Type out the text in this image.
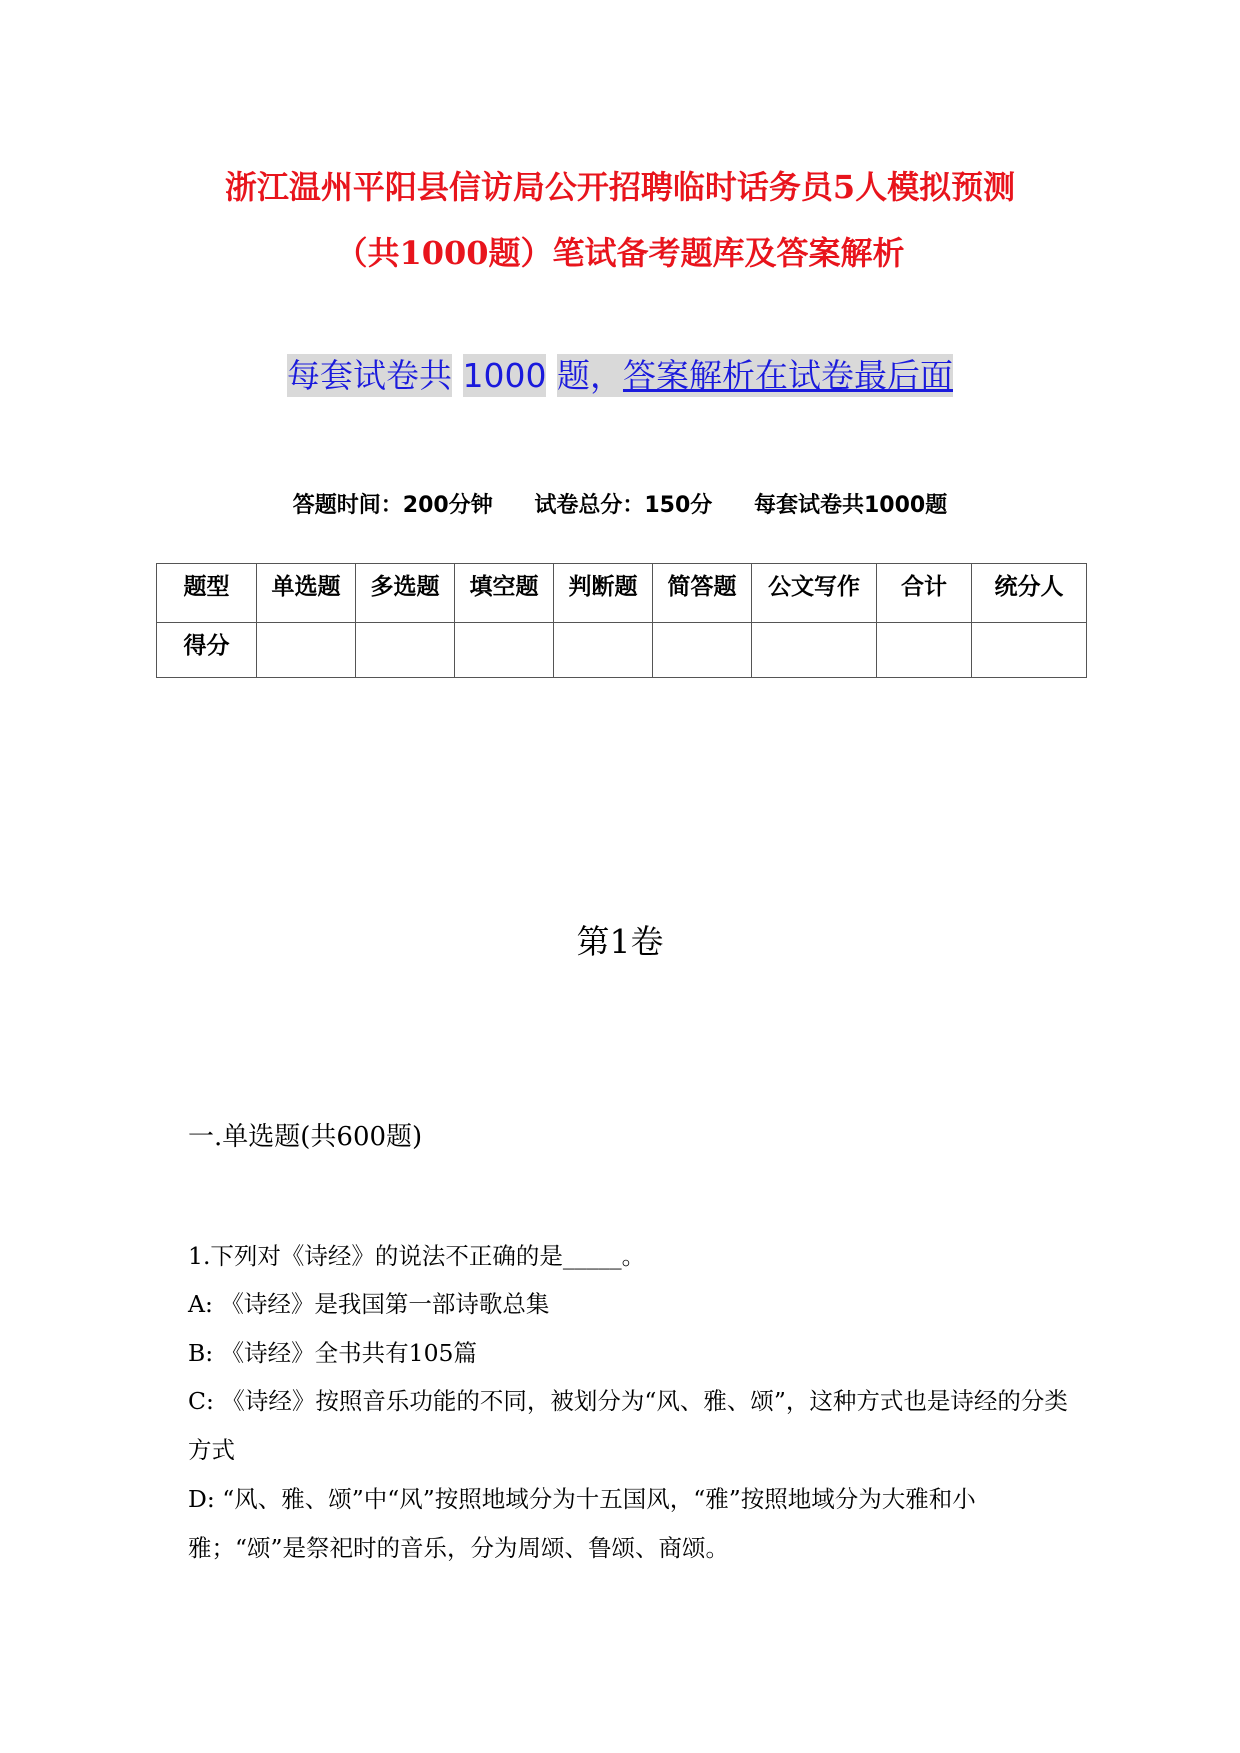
浙江温州平阳县信访局公开招聘临时话务员5人模拟预测
（共1000题）笔试备考题库及答案解析
每套试卷共 1000 题，答案解析在试卷最后面
答题时间：200分钟 试卷总分：150分 每套试卷共1000题
题型	单选题	多选题	填空题	判断题	简答题	公文写作	合计	统分人
得分								
第1卷
一.单选题(共600题)
1.下列对《诗经》的说法不正确的是_____。
A: 《诗经》是我国第一部诗歌总集
B: 《诗经》全书共有105篇
C: 《诗经》按照音乐功能的不同，被划分为“风、雅、颂”，这种方式也是诗经的分类方式
D: “风、雅、颂”中“风”按照地域分为十五国风，“雅”按照地域分为大雅和小雅；“颂”是祭祀时的音乐，分为周颂、鲁颂、商颂。
